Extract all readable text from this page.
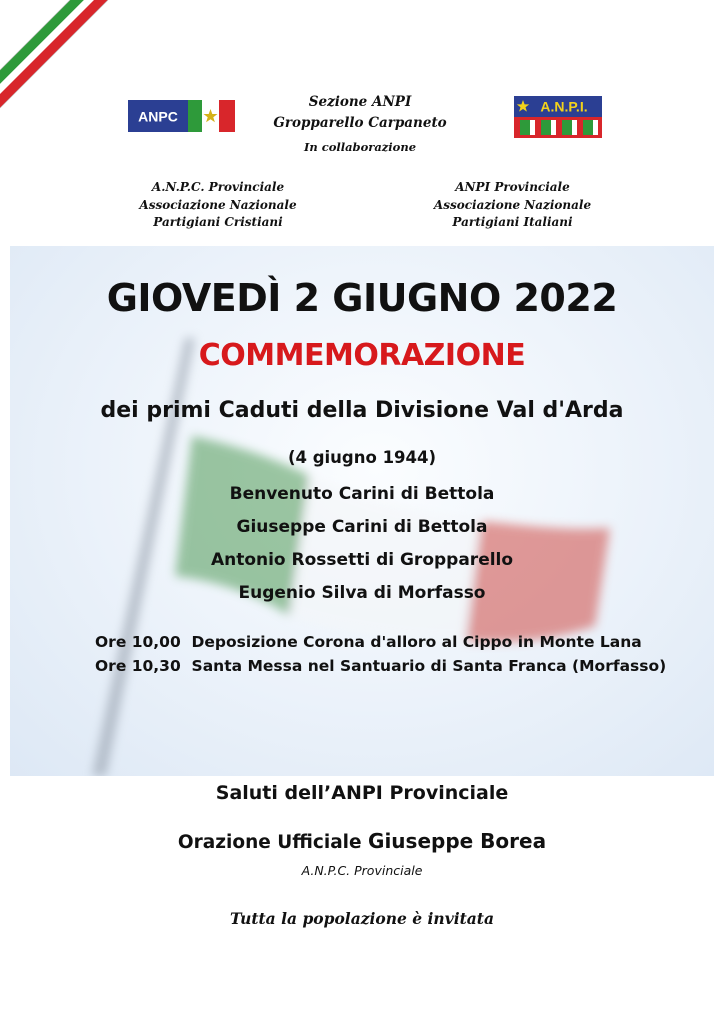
ANPC
A.N.P.I.
Sezione ANPI
Gropparello Carpaneto
In collaborazione
A.N.P.C. Provinciale
Associazione Nazionale
Partigiani Cristiani
ANPI Provinciale
Associazione Nazionale
Partigiani Italiani
GIOVEDÌ 2 GIUGNO 2022
COMMEMORAZIONE
dei primi Caduti della Divisione Val d'Arda
(4 giugno 1944)
Benvenuto Carini di Bettola
Giuseppe Carini di Bettola
Antonio Rossetti di Gropparello
Eugenio Silva di Morfasso
Ore 10,00  Deposizione Corona d'alloro al Cippo in Monte Lana
Ore 10,30  Santa Messa nel Santuario di Santa Franca (Morfasso)
Saluti dell’ANPI Provinciale
Orazione Ufficiale Giuseppe Borea
A.N.P.C. Provinciale
Tutta la popolazione è invitata
